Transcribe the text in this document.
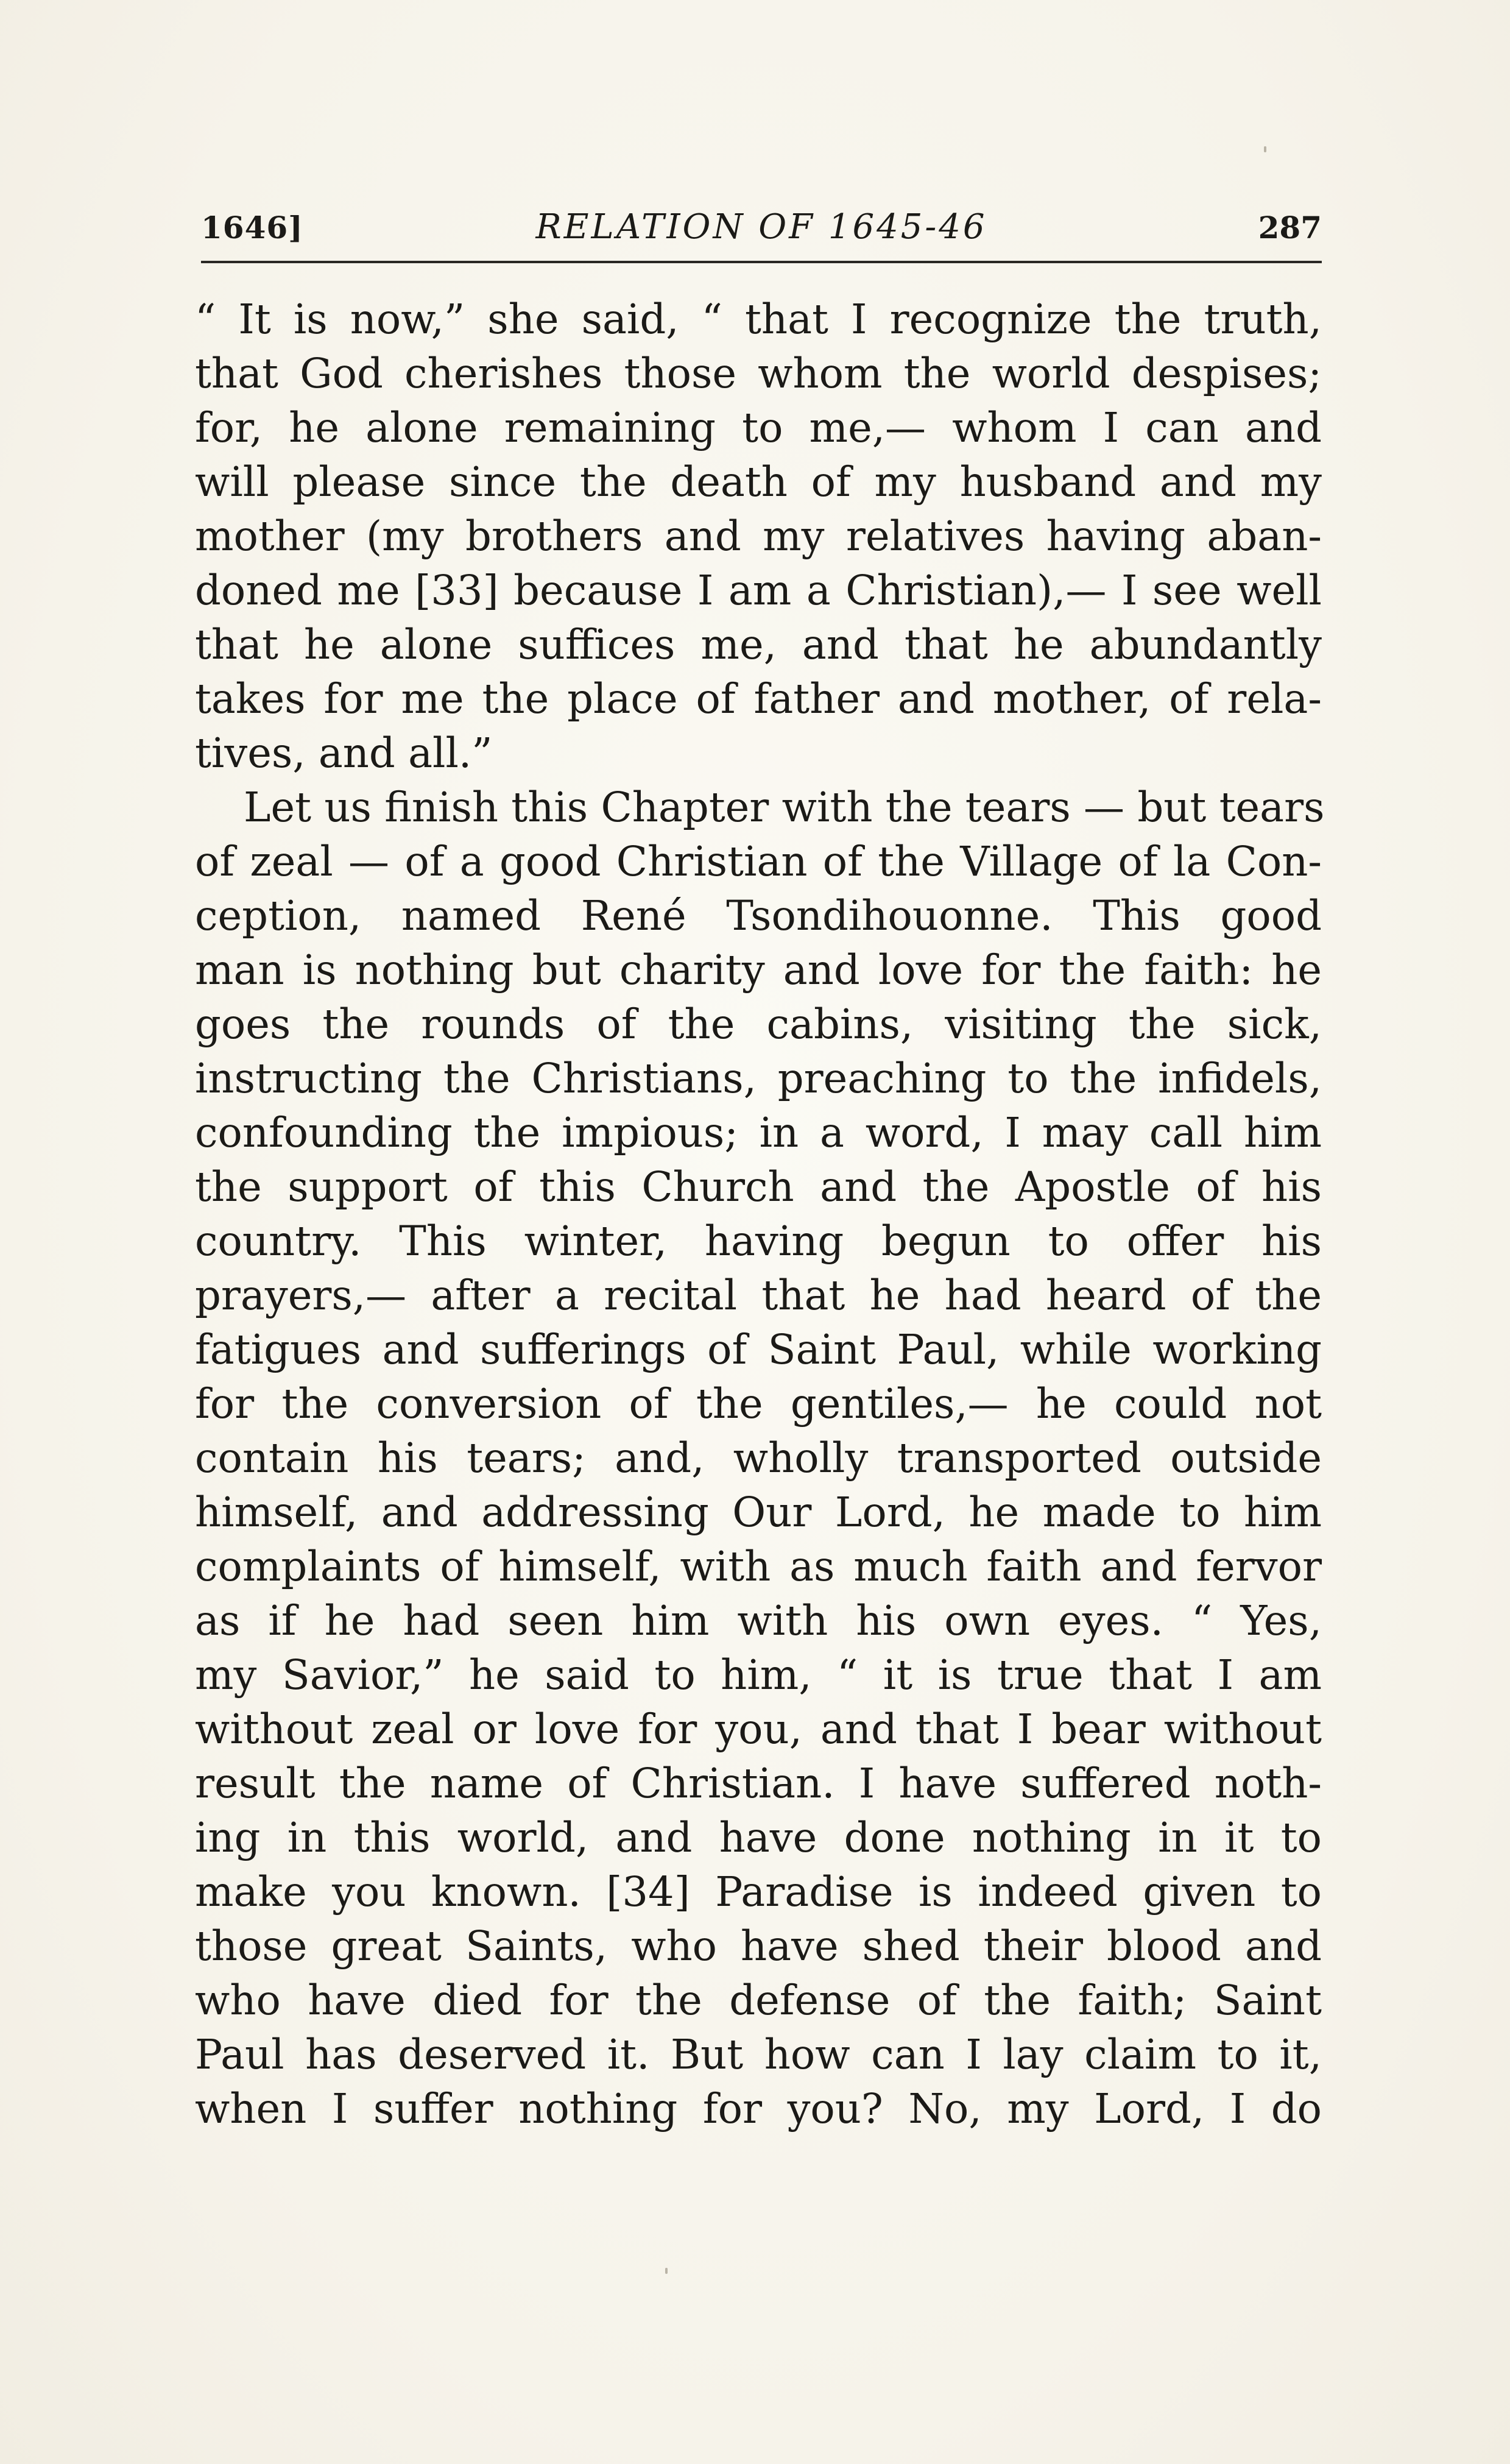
1646]	RELATION OF 1645-46	287
“ It is now,” she said, “ that I recognize the truth,
that God cherishes those whom the world despises;
for, he alone remaining to me,— whom I can and
will please since the death of my husband and my
mother (my brothers and my relatives having aban-
doned me [33] because I am a Christian),— I see well
that he alone suffices me, and that he abundantly
takes for me the place of father and mother, of rela-
tives, and all.”
Let us finish this Chapter with the tears — but tears
of zeal — of a good Christian of the Village of la Con-
ception, named René Tsondihouonne. This good
man is nothing but charity and love for the faith: he
goes the rounds of the cabins, visiting the sick,
instructing the Christians, preaching to the infidels,
confounding the impious; in a word, I may call him
the support of this Church and the Apostle of his
country. This winter, having begun to offer his
prayers,— after a recital that he had heard of the
fatigues and sufferings of Saint Paul, while working
for the conversion of the gentiles,— he could not
contain his tears; and, wholly transported outside
himself, and addressing Our Lord, he made to him
complaints of himself, with as much faith and fervor
as if he had seen him with his own eyes. “ Yes,
my Savior,” he said to him, “ it is true that I am
without zeal or love for you, and that I bear without
result the name of Christian. I have suffered noth-
ing in this world, and have done nothing in it to
make you known. [34] Paradise is indeed given to
those great Saints, who have shed their blood and
who have died for the defense of the faith; Saint
Paul has deserved it. But how can I lay claim to it,
when I suffer nothing for you? No, my Lord, I do
